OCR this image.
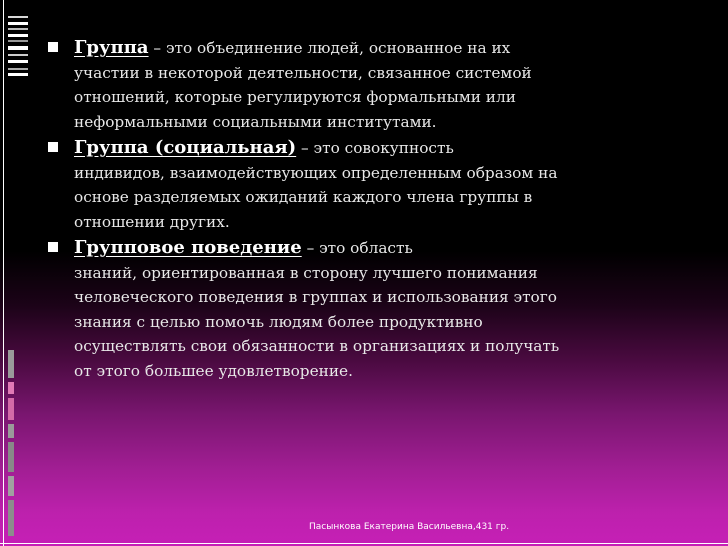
Группа – это объединение людей, основанное на их
участии в некоторой деятельности, связанное системой
отношений, которые регулируются формальными или
неформальными социальными институтами.
Группа (социальная) – это совокупность
индивидов, взаимодействующих определенным образом на
основе разделяемых ожиданий каждого члена группы в
отношении других.
Групповое поведение – это область
знаний, ориентированная в сторону лучшего понимания
человеческого поведения в группах и использования этого
знания с целью помочь людям более продуктивно
осуществлять свои обязанности в организациях и получать
от этого большее удовлетворение.
Пасынкова Екатерина Васильевна,431 гр.
